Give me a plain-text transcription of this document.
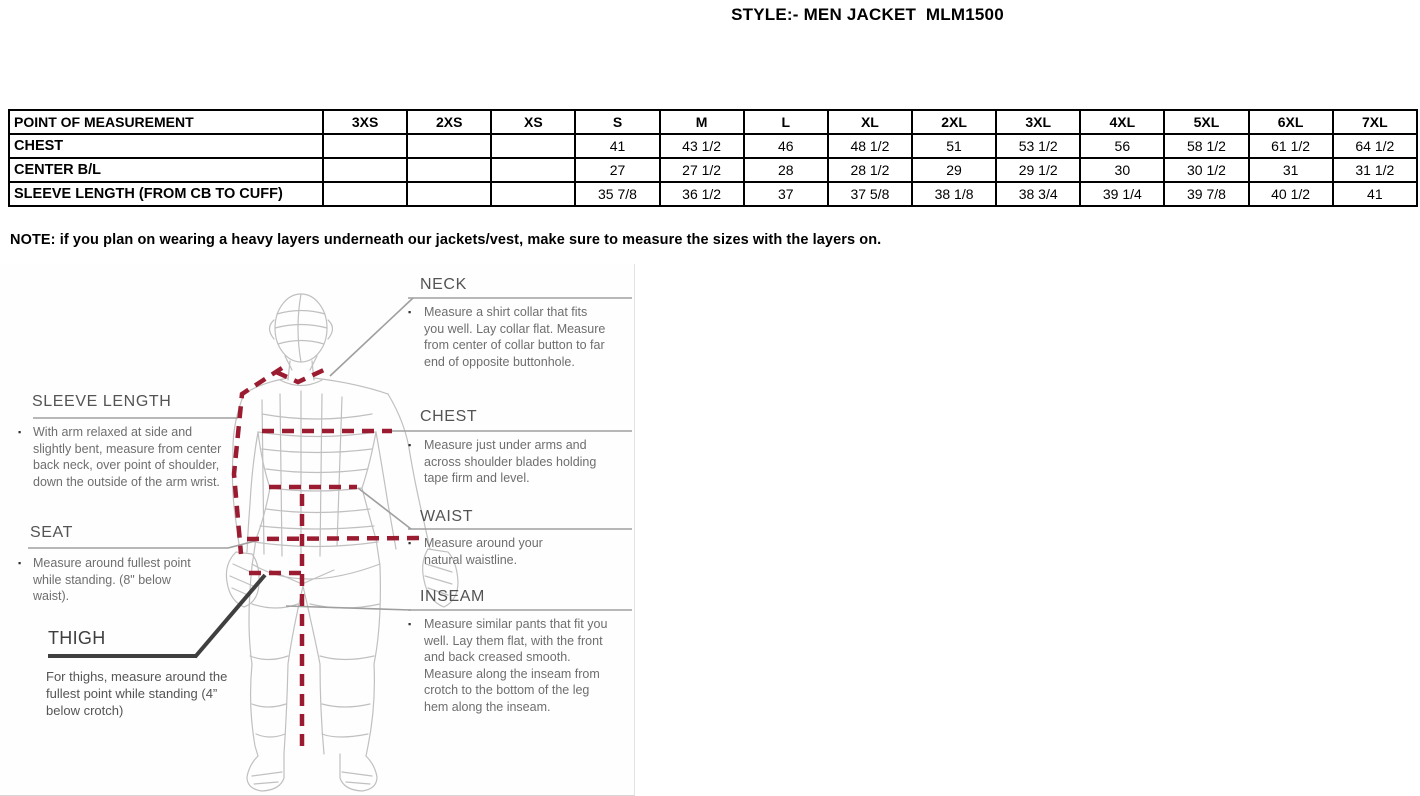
STYLE:- MEN JACKET  MLM1500
POINT OF MEASUREMENT	3XS	2XS	XS	S	M	L	XL	2XL	3XL	4XL	5XL	6XL	7XL
CHEST				41	43 1/2	46	48 1/2	51	53 1/2	56	58 1/2	61 1/2	64 1/2
CENTER B/L				27	27 1/2	28	28 1/2	29	29 1/2	30	30 1/2	31	31 1/2
SLEEVE LENGTH (FROM CB TO CUFF)				35 7/8	36 1/2	37	37 5/8	38 1/8	38 3/4	39 1/4	39 7/8	40 1/2	41
NOTE: if you plan on wearing a heavy layers underneath our jackets/vest, make sure to measure the sizes with the layers on.
NECK
▪ Measure a shirt collar that fits you well. Lay collar flat. Measure from center of collar button to far end of opposite buttonhole.
CHEST
▪ Measure just under arms and across shoulder blades holding tape firm and level.
WAIST
▪ Measure around your natural waistline.
INSEAM
▪ Measure similar pants that fit you well. Lay them flat, with the front and back creased smooth. Measure along the inseam from crotch to the bottom of the leg hem along the inseam.
SLEEVE LENGTH
▪ With arm relaxed at side and slightly bent, measure from center back neck, over point of shoulder, down the outside of the arm wrist.
SEAT
▪ Measure around fullest point while standing. (8" below waist).
THIGH
For thighs, measure around the fullest point while standing (4” below crotch)
